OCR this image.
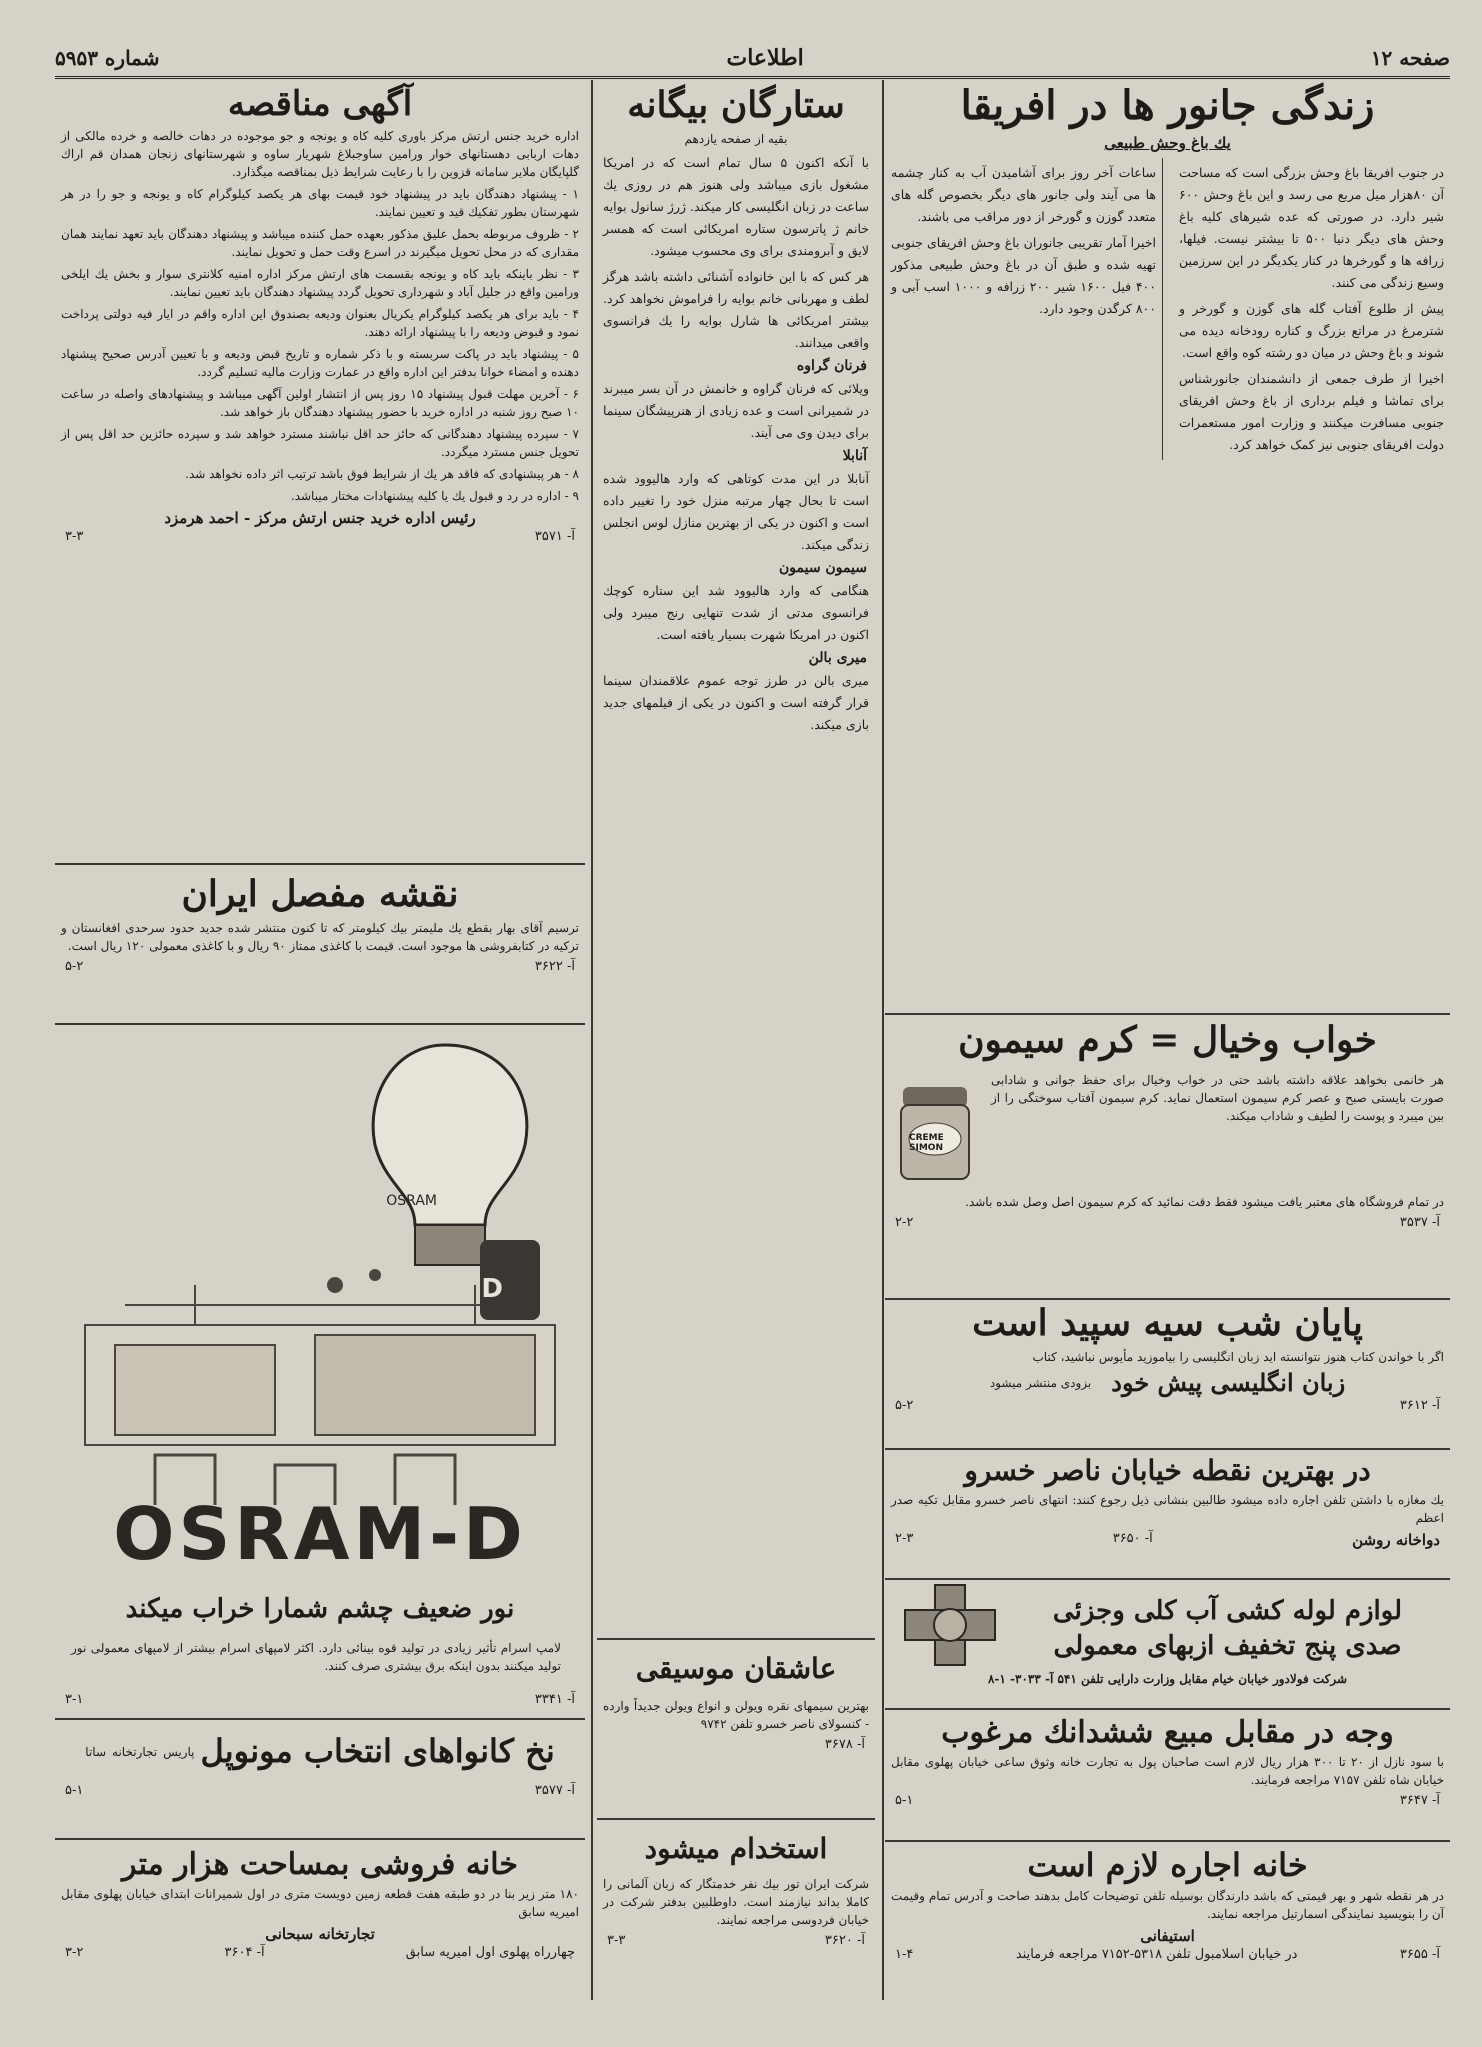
صفحه ۱۲
اطلاعات
شماره ۵۹۵۳
زندگی جانور ها در افریقا
یك باغ وحش طبیعی

در جنوب افریقا باغ وحش بزرگی است که مساحت آن ۸۰هزار میل مربع می رسد و این باغ وحش ۶۰۰ شیر دارد. در صورتی که عده شیرهای کلیه باغ وحش های دیگر دنیا ۵۰۰ تا بیشتر نیست. فیلها، زرافه ها و گورخرها در کنار یکدیگر در این سرزمین وسیع زندگی می کنند.

پیش از طلوع آفتاب گله های گوزن و گورخر و شترمرغ در مراتع بزرگ و کناره رودخانه دیده می شوند و باغ وحش در میان دو رشته کوه واقع است.

اخیرا از طرف جمعی از دانشمندان جانورشناس برای تماشا و فیلم برداری از باغ وحش افریقای جنوبی مسافرت میکنند و وزارت امور مستعمرات دولت افریقای جنوبی نیز کمک خواهد کرد.

ساعات آخر روز برای آشامیدن آب به کنار چشمه ها می آیند ولی جانور های دیگر بخصوص گله های متعدد گوزن و گورخر از دور مراقب می باشند.

اخیرا آمار تقریبی جانوران باغ وحش افریقای جنوبی تهیه شده و طبق آن در باغ وحش طبیعی مذکور ۴۰۰ فیل ۱۶۰۰ شیر ۲۰۰ زرافه و ۱۰۰۰ اسب آبی و ۸۰۰ کرگدن وجود دارد.

خواب وخیال = کرم سیمون

هر خانمی بخواهد علاقه داشته باشد حتی در خواب وخیال برای حفظ جوانی و شادابی صورت بایستی صبح و عصر کرم سیمون استعمال نماید. کرم سیمون آفتاب سوختگی را از بین میبرد و پوست را لطیف و شاداب میکند.

CREME SIMON

در تمام فروشگاه های معتبر یافت میشود فقط دقت نمائید که کرم سیمون اصل وصل شده باشد.

آ- ۳۵۳۷
۲-۲
پایان شب سیه سپید است

اگر با خواندن کتاب هنوز نتوانسته اید زبان انگلیسی را بیاموزید مأیوس نباشید، کتاب

زبان انگلیسی پیش خود
بزودی منتشر میشود
آ- ۳۶۱۲
۵-۲
در بهترین نقطه خیابان ناصر خسرو

یك مغازه با داشتن تلفن اجاره داده میشود طالبین بنشانی ذیل رجوع کنند: انتهای ناصر خسرو مقابل تکیه صدر اعظم

دواخانه روشن
آ- ۳۶۵۰
۲-۳
لوازم لوله کشی آب کلی وجزئی
صدی پنج تخفیف ازبهای معمولی
شرکت فولادور خیابان خیام مقابل وزارت دارایی تلفن ۵۴۱ آ- ۳۰۳۳- ۱-۸
وجه در مقابل مبیع ششدانك مرغوب

با سود نازل از ۲۰ تا ۳۰۰ هزار ریال لازم است صاحبان پول به تجارت خانه وثوق ساعی خیابان پهلوی مقابل خیابان شاه تلفن ۷۱۵۷ مراجعه فرمایند.

آ- ۳۶۴۷
۵-۱
خانه اجاره لازم است

در هر نقطه شهر و بهر قیمتی که باشد دارندگان بوسیله تلفن توضیحات کامل بدهند صاحت و آدرس تمام وقیمت آن را بنویسید نمایندگی اسمارتیل مراجعه نمایند.

استیفانی
آ- ۳۶۵۵
در خیابان اسلامبول تلفن ۵۳۱۸-۷۱۵۲ مراجعه فرمایند
۱-۴
ستارگان بیگانه
بقیه از صفحه یازدهم

با آنکه اکنون ۵ سال تمام است که در امریکا مشغول بازی میباشد ولی هنوز هم در روزی یك ساعت در زبان انگلیسی کار میکند. ژرژ سانول بوایه خانم ژ پاترسون ستاره امریکائی است که همسر لایق و آبرومندی برای وی محسوب میشود.

هر کس که با این خانواده آشنائی داشته باشد هرگز لطف و مهربانی خانم بوایه را فراموش نخواهد کرد. بیشتر امریکائی ها شارل بوایه را یك فرانسوی واقعی میدانند.

فرنان گراوه

ویلائی که فرنان گراوه و خانمش در آن بسر میبرند در شمیرانی است و عده زیادی از هنرپیشگان سینما برای دیدن وی می آیند.

آنابلا

آنابلا در این مدت کوتاهی که وارد هالیوود شده است تا بحال چهار مرتبه منزل خود را تغییر داده است و اکنون در یکی از بهترین منازل لوس انجلس زندگی میکند.

سیمون سیمون

هنگامی که وارد هالیوود شد این ستاره کوچك فرانسوی مدتی از شدت تنهایی رنج میبرد ولی اکنون در امریکا شهرت بسیار یافته است.

میری بالن

میری بالن در طرز توجه عموم علاقمندان سینما قرار گرفته است و اکنون در یکی از فیلمهای جدید بازی میکند.

عاشقان موسیقی

بهترین سیمهای نقره ویولن و انواع ویولن جدیداً وارده - کنسولای ناصر خسرو تلفن ۹۷۴۲

آ- ۳۶۷۸
استخدام میشود

شرکت ایران تور بیك نفر خدمتگار که زبان آلمانی را کاملا بداند نیازمند است. داوطلبین بدفتر شرکت در خیابان فردوسی مراجعه نمایند.

آ- ۳۶۲۰
۳-۳
آگهی مناقصه

اداره خرید جنس ارتش مرکز باوری کلیه کاه و یونجه و جو موجوده در دهات خالصه و خرده مالکی از دهات اربابی دهستانهای خوار ورامین ساوجبلاغ شهریار ساوه و شهرستانهای زنجان همدان قم اراك گلپایگان ملایر سامانه قزوین را با رعایت شرایط ذیل بمناقصه میگذارد.

۱ - پیشنهاد دهندگان باید در پیشنهاد خود قیمت بهای هر یکصد کیلوگرام کاه و یونجه و جو را در هر شهرستان بطور تفکیك قید و تعیین نمایند.

۲ - ظروف مربوطه بحمل علیق مذکور بعهده حمل کننده میباشد و پیشنهاد دهندگان باید تعهد نمایند همان مقداری که در محل تحویل میگیرند در اسرع وقت حمل و تحویل نمایند.

۳ - نظر باینکه باید کاه و یونجه بقسمت های ارتش مرکز اداره امنیه کلانتری سوار و بخش یك ایلخی ورامین واقع در جلیل آباد و شهرداری تحویل گردد پیشنهاد دهندگان باید تعیین نمایند.

۴ - باید برای هر یکصد کیلوگرام یکریال بعنوان ودیعه بصندوق این اداره واقم در ایار فیه دولتی پرداخت نمود و قبوض ودیعه را با پیشنهاد ارائه دهند.

۵ - پیشنهاد باید در پاکت سربسته و با ذکر شماره و تاریخ قبض ودیعه و با تعیین آدرس صحیح پیشنهاد دهنده و امضاء خوانا بدفتر این اداره واقع در عمارت وزارت مالیه تسلیم گردد.

۶ - آخرین مهلت قبول پیشنهاد ۱۵ روز پس از انتشار اولین آگهی میباشد و پیشنهادهای واصله در ساعت ۱۰ صبح روز شنبه در اداره خرید با حضور پیشنهاد دهندگان باز خواهد شد.

۷ - سپرده پیشنهاد دهندگانی که حائز حد اقل نباشند مسترد خواهد شد و سپرده حائزین حد اقل پس از تحویل جنس مسترد میگردد.

۸ - هر پیشنهادی که فاقد هر یك از شرایط فوق باشد ترتیب اثر داده نخواهد شد.

۹ - اداره در رد و قبول یك یا کلیه پیشنهادات مختار میباشد.

رئیس اداره خرید جنس ارتش مرکز - احمد هرمزد
آ- ۳۵۷۱
۳-۳
نقشه مفصل ایران

ترسیم آقای بهار بقطع یك ملیمتر بیك کیلومتر که تا کنون منتشر شده جدید حدود سرحدی افغانستان و ترکیه در کتابفروشی ها موجود است. قیمت با کاغذی ممتاز ۹۰ ریال و با کاغذی معمولی ۱۲۰ ریال است.

آ- ۳۶۲۲
۵-۲
OSRAM
D
OSRAM-D
نور ضعیف چشم شمارا خراب میکند

لامپ اسرام تأثیر زیادی در تولید قوه بینائی دارد. اکثر لامپهای اسرام بیشتر از لامپهای معمولی نور تولید میکنند بدون اینکه برق بیشتری صرف کنند.

آ- ۳۳۴۱
۳-۱
نخ کانواهای انتخاب مونوپل
پاریس
تجارتخانه
ساتا
آ- ۳۵۷۷
۵-۱
خانه فروشی بمساحت هزار متر

۱۸۰ متر زیر بنا در دو طبقه هفت قطعه زمین دویست متری در اول شمیرانات ابتدای خیابان پهلوی مقابل امیریه سابق

تجارتخانه سبحانی
چهارراه پهلوی اول امیریه سابق
آ- ۳۶۰۴
۳-۲
